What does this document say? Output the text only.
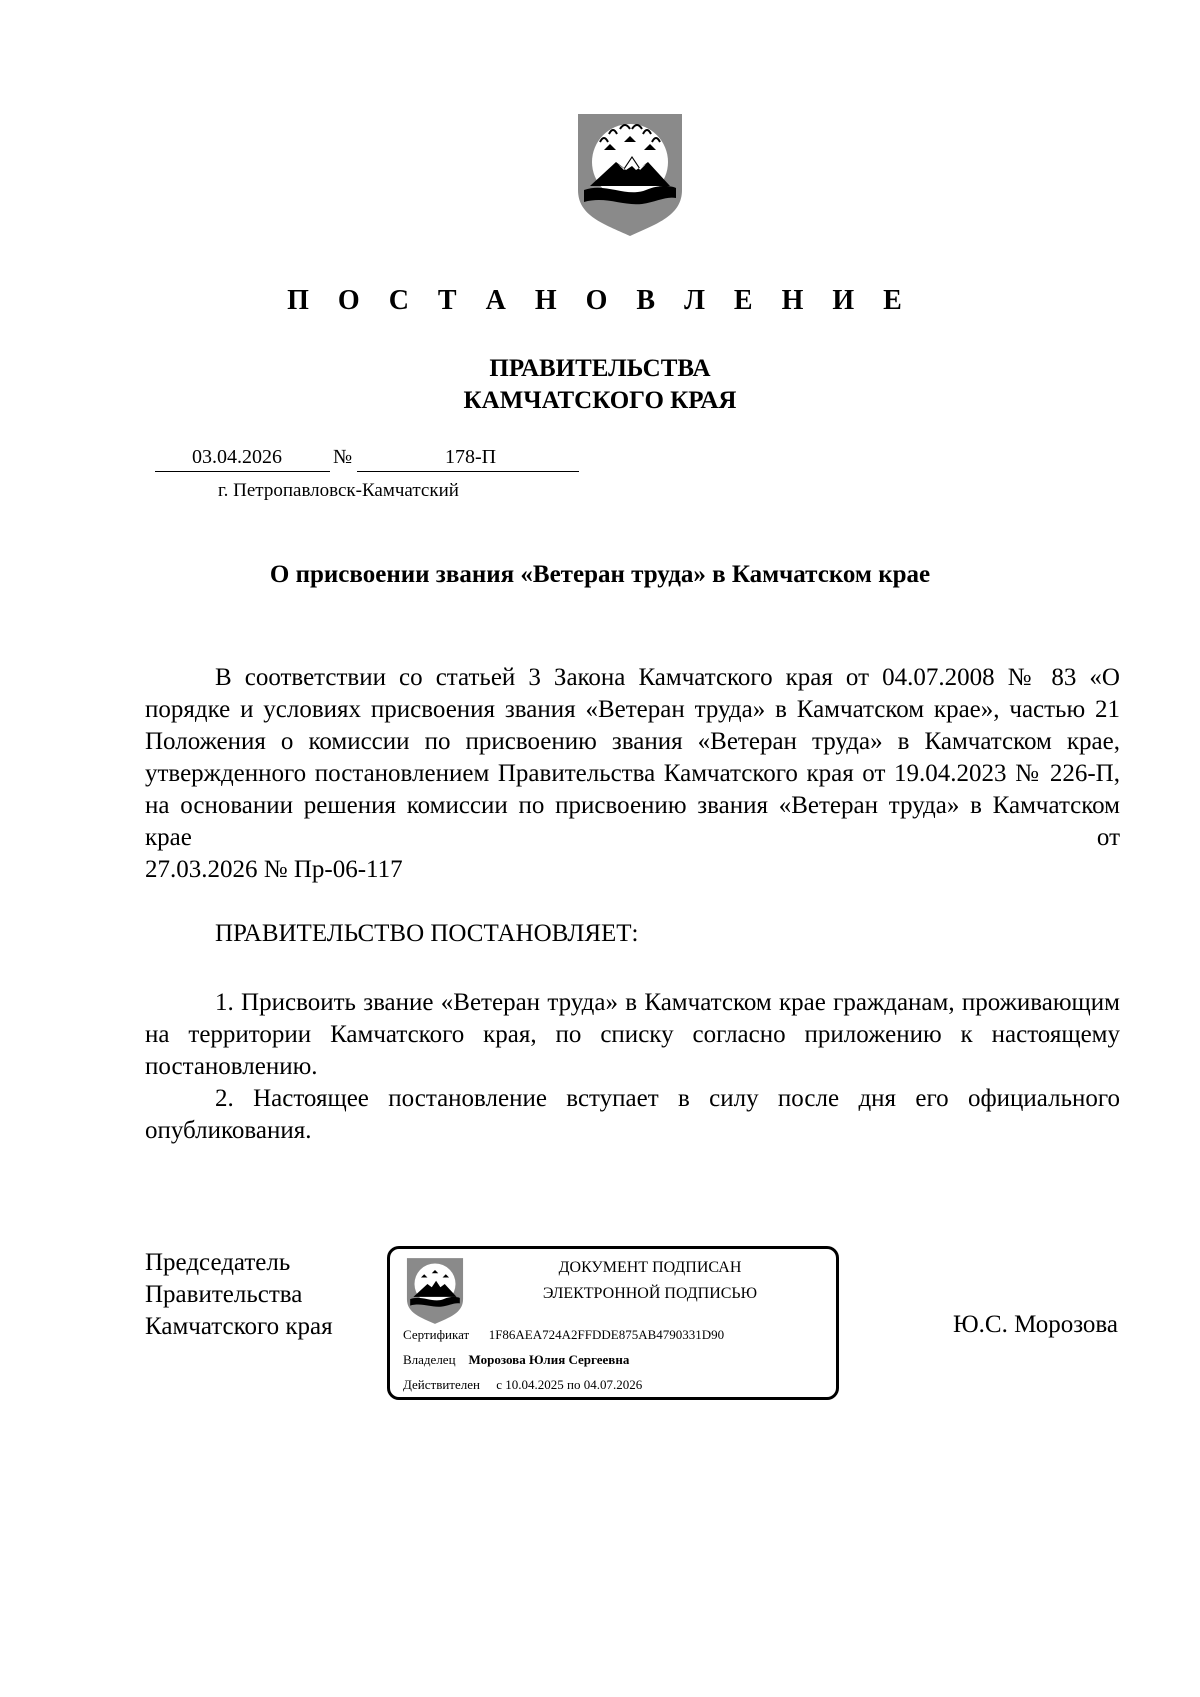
П О С Т А Н О В Л Е Н И Е
ПРАВИТЕЛЬСТВА
КАМЧАТСКОГО КРАЯ
03.04.2026	№	178-П
г. Петропавловск-Камчатский
О присвоении звания «Ветеран труда» в Камчатском крае

В соответствии со статьей 3 Закона Камчатского края от 04.07.2008 № 83 «О порядке и условиях присвоения звания «Ветеран труда» в Камчатском крае», частью 21 Положения о комиссии по присвоению звания «Ветеран труда» в Камчатском крае, утвержденного постановлением Правительства Камчатского края от 19.04.2023 № 226-П, на основании решения комиссии по присвоению звания «Ветеран труда» в Камчатском крае от

27.03.2026 № Пр-06-117

ПРАВИТЕЛЬСТВО ПОСТАНОВЛЯЕТ:

1. Присвоить звание «Ветеран труда» в Камчатском крае гражданам, проживающим на территории Камчатского края, по списку согласно приложению к настоящему постановлению.

2. Настоящее постановление вступает в силу после дня его официального опубликования.

Председатель
Правительства
Камчатского края	Ю.С. Морозова
ДОКУМЕНТ ПОДПИСАН
ЭЛЕКТРОННОЙ ПОДПИСЬЮ
Сертификат 1F86AEA724A2FFDDE875AB4790331D90
Владелец Морозова Юлия Сергеевна
Действителен с 10.04.2025 по 04.07.2026
